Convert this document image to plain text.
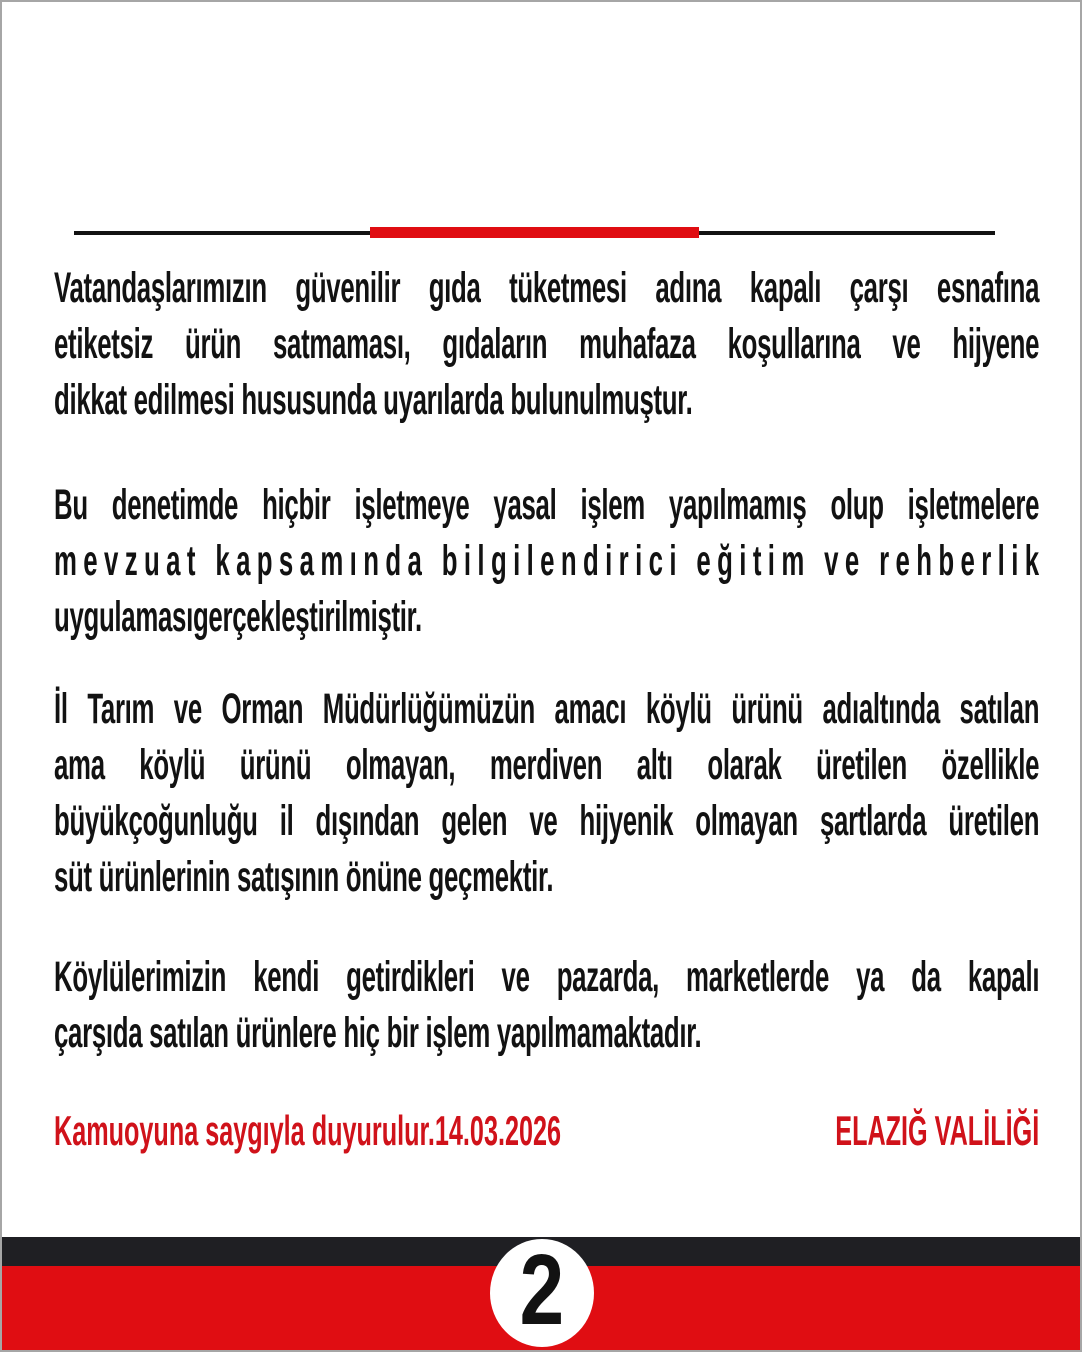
Vatandaşlarımızın güvenilir gıda tüketmesi adına kapalı çarşı esnafına
etiketsiz ürün satmaması, gıdaların muhafaza koşullarına ve hijyene
dikkat edilmesi hususunda uyarılarda bulunulmuştur.
Bu denetimde hiçbir işletmeye yasal işlem yapılmamış olup işletmelere
m e v z u a t
k a p s a m ı n d a
b i l g i l e n d i r i c i
e ğ i t i m
v e
r e h b e r l i k
uygulamasıgerçekleştirilmiştir.
İl Tarım ve Orman Müdürlüğümüzün amacı köylü ürünü adıaltında satılan
ama köylü ürünü olmayan, merdiven altı olarak üretilen özellikle
büyükçoğunluğu il dışından gelen ve hijyenik olmayan şartlarda üretilen
süt ürünlerinin satışının önüne geçmektir.
Köylülerimizin kendi getirdikleri ve pazarda, marketlerde ya da kapalı
çarşıda satılan ürünlere hiç bir işlem yapılmamaktadır.
Kamuoyuna saygıyla duyurulur.14.03.2026	ELAZIĞ VALİLİĞİ
2
